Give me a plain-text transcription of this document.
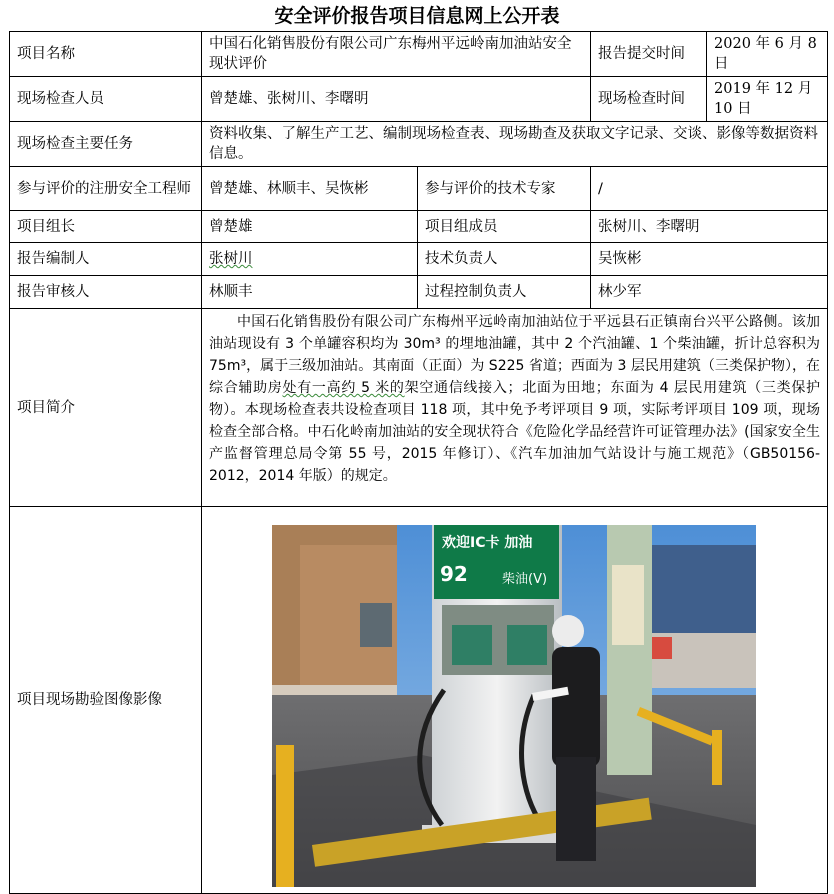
安全评价报告项目信息网上公开表
项目名称	中国石化销售股份有限公司广东梅州平远岭南加油站安全现状评价		报告提交时间	2020 年 6 月 8 日
现场检查人员	曾楚雄、张树川、李曙明		现场检查时间	2019 年 12 月 10 日
现场检查主要任务	资料收集、了解生产工艺、编制现场检查表、现场勘查及获取文字记录、交谈、影像等数据资料信息。			
参与评价的注册安全工程师	曾楚雄、林顺丰、吴恢彬	参与评价的技术专家	/	
项目组长	曾楚雄	项目组成员	张树川、李曙明	
报告编制人	张树川	技术负责人	吴恢彬	
报告审核人	林顺丰	过程控制负责人	林少军	
项目简介	中国石化销售股份有限公司广东梅州平远岭南加油站位于平远县石正镇南台兴平公路侧。该加油站现设有 3 个单罐容积均为 30m³ 的埋地油罐，其中 2 个汽油罐、1 个柴油罐，折计总容积为 75m³，属于三级加油站。其南面（正面）为 S225 省道；西面为 3 层民用建筑（三类保护物），在综合辅助房处有一高约 5 米的架空通信线接入；北面为田地；东面为 4 层民用建筑（三类保护物）。本现场检查表共设检查项目 118 项，其中免予考评项目 9 项，实际考评项目 109 项，现场检查全部合格。中石化岭南加油站的安全现状符合《危险化学品经营许可证管理办法》(国家安全生产监督管理总局令第 55 号，2015 年修订）、《汽车加油加气站设计与施工规范》（GB50156-2012，2014 年版）的规定。			
项目现场勘验图像影像	欢迎IC卡 加油
92 柴油(V)			
